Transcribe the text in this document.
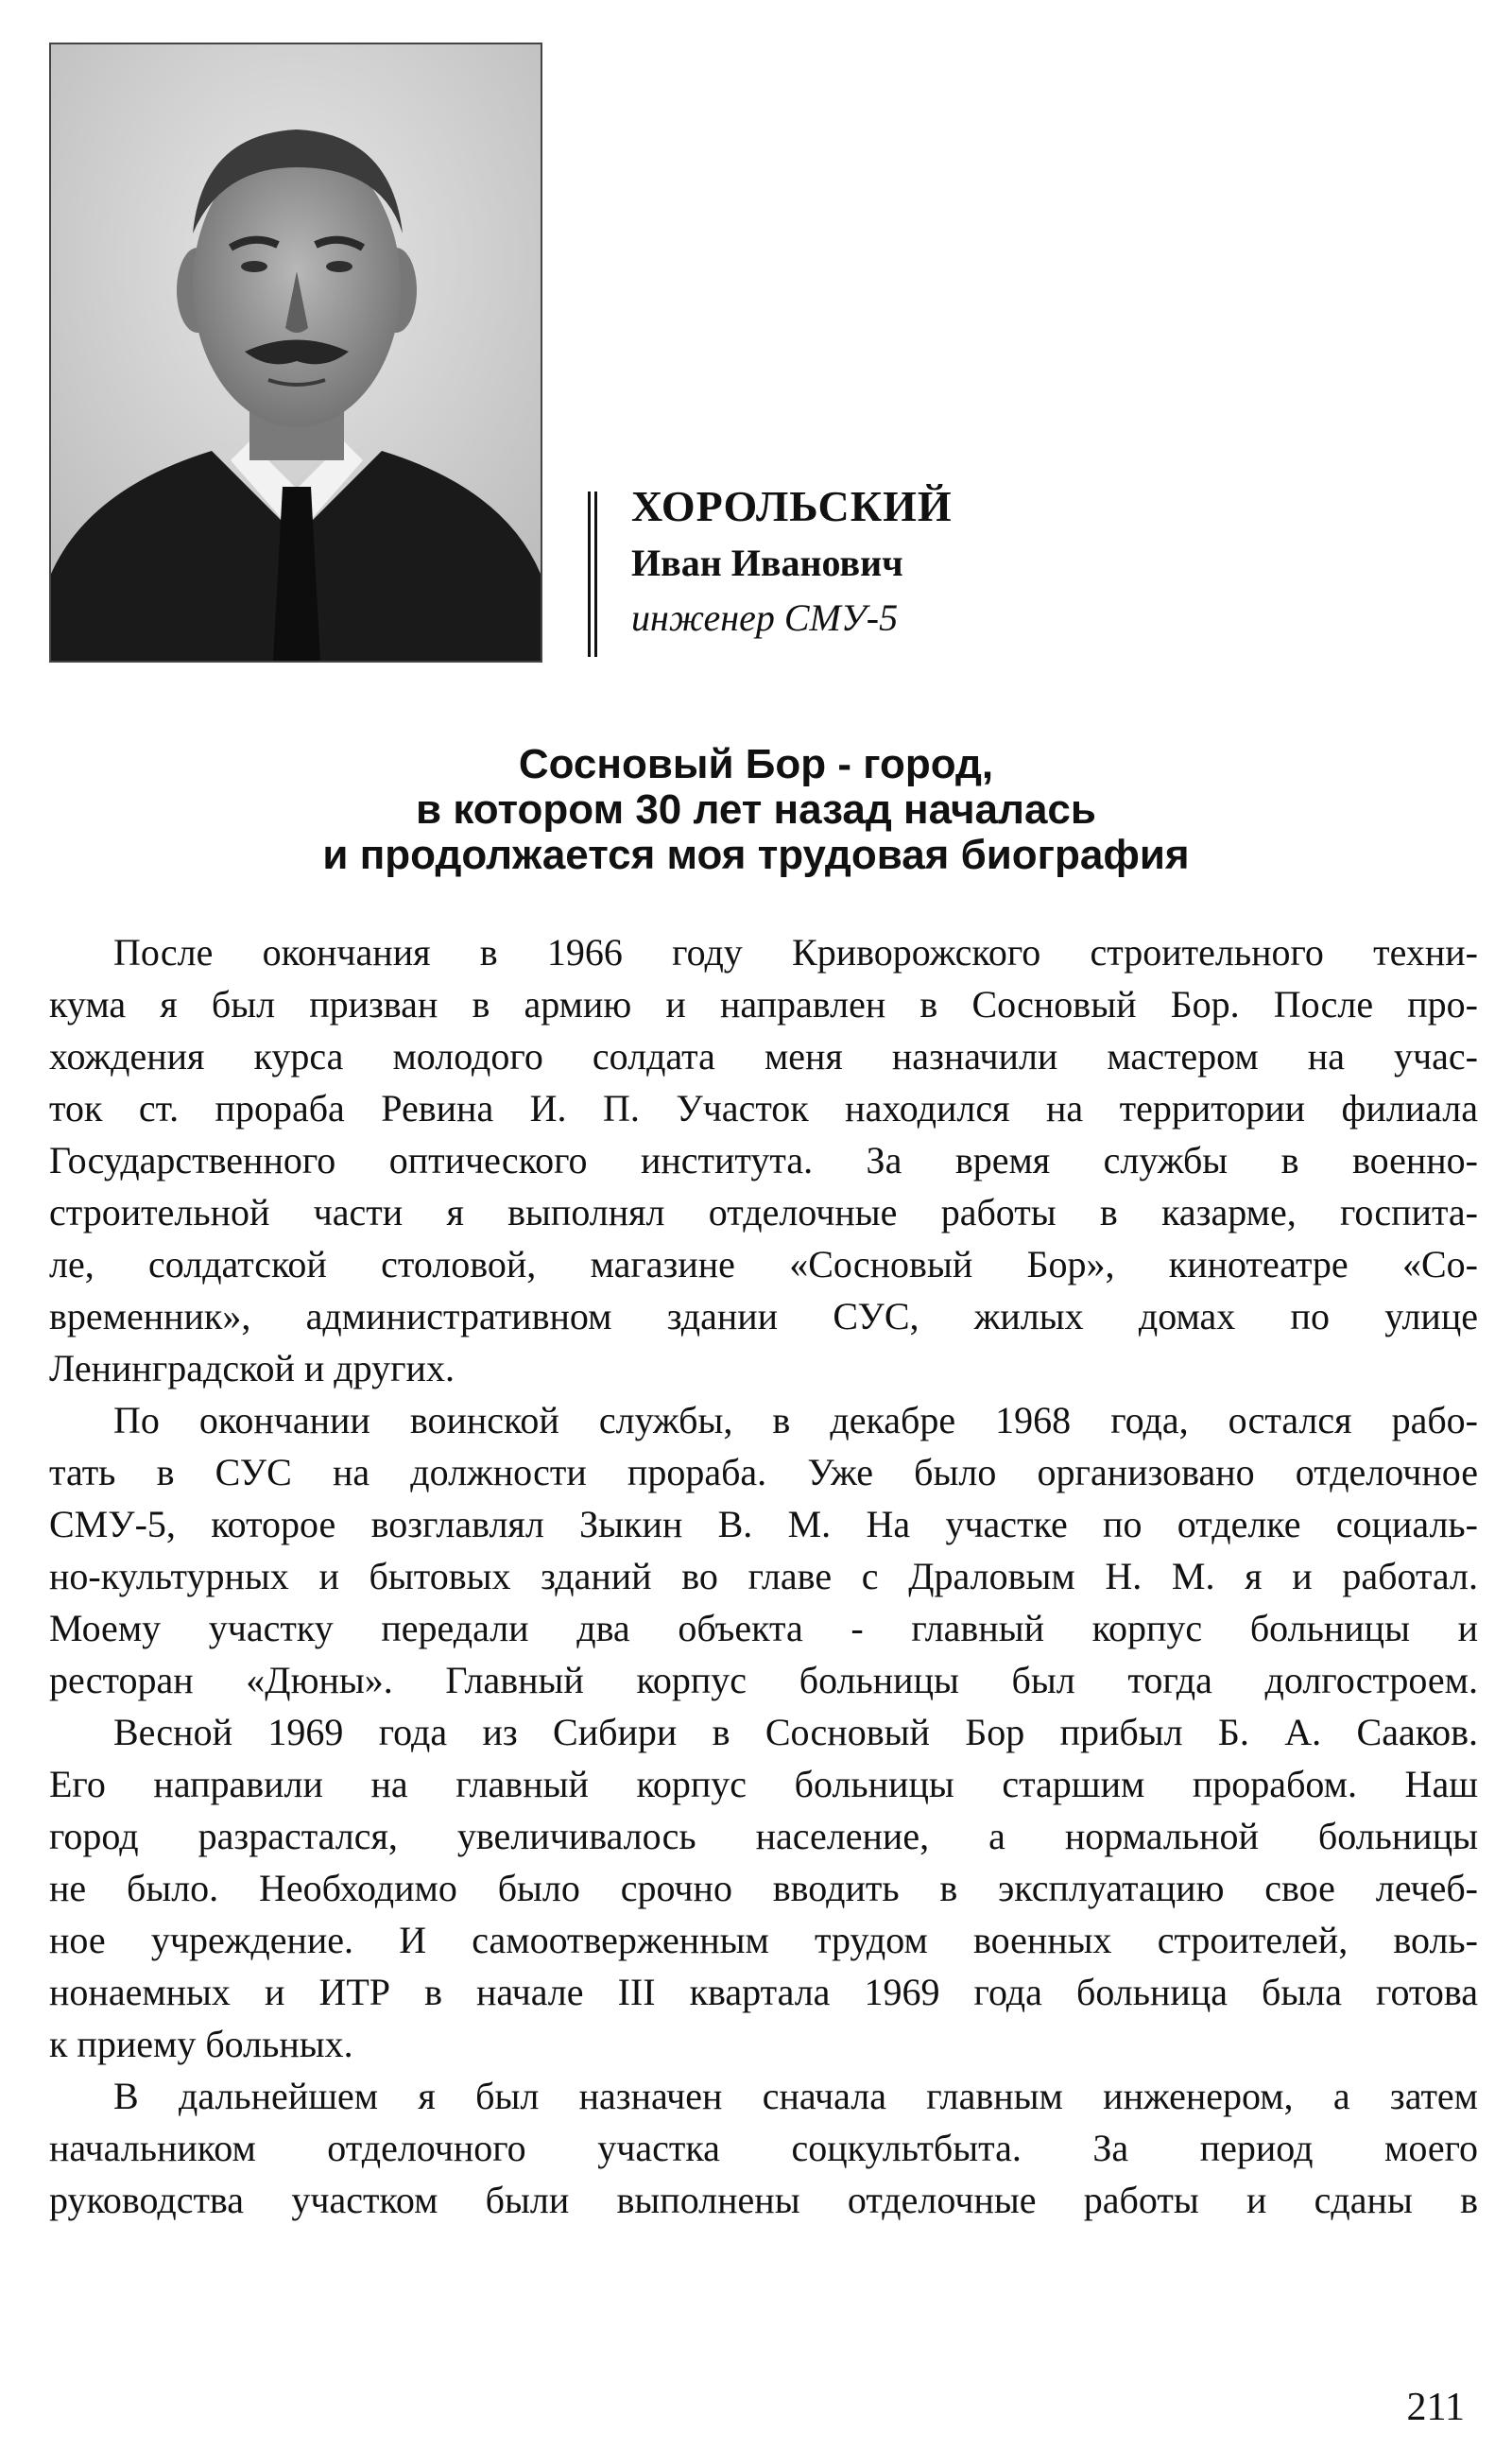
ХОРОЛЬСКИЙ
Иван Иванович
инженер СМУ-5
Сосновый Бор - город,
в котором 30 лет назад началась
и продолжается моя трудовая биография
После окончания в 1966 году Криворожского строительного техни-
кума я был призван в армию и направлен в Сосновый Бор. После про-
хождения курса молодого солдата меня назначили мастером на учас-
ток ст. прораба Ревина И. П. Участок находился на территории филиала
Государственного оптического института. За время службы в военно-
строительной части я выполнял отделочные работы в казарме, госпита-
ле, солдатской столовой, магазине «Сосновый Бор», кинотеатре «Со-
временник», административном здании СУС, жилых домах по улице
Ленинградской и других.
По окончании воинской службы, в декабре 1968 года, остался рабо-
тать в СУС на должности прораба. Уже было организовано отделочное
СМУ-5, которое возглавлял Зыкин В. М. На участке по отделке социаль-
но-культурных и бытовых зданий во главе с Драловым Н. М. я и работал.
Моему участку передали два объекта - главный корпус больницы и
ресторан «Дюны». Главный корпус больницы был тогда долгостроем.
Весной 1969 года из Сибири в Сосновый Бор прибыл Б. А. Сааков.
Его направили на главный корпус больницы старшим прорабом. Наш
город разрастался, увеличивалось население, а нормальной больницы
не было. Необходимо было срочно вводить в эксплуатацию свое лечеб-
ное учреждение. И самоотверженным трудом военных строителей, воль-
нонаемных и ИТР в начале III квартала 1969 года больница была готова
к приему больных.
В дальнейшем я был назначен сначала главным инженером, а затем
начальником отделочного участка соцкультбыта. За период моего
руководства участком были выполнены отделочные работы и сданы в
211
